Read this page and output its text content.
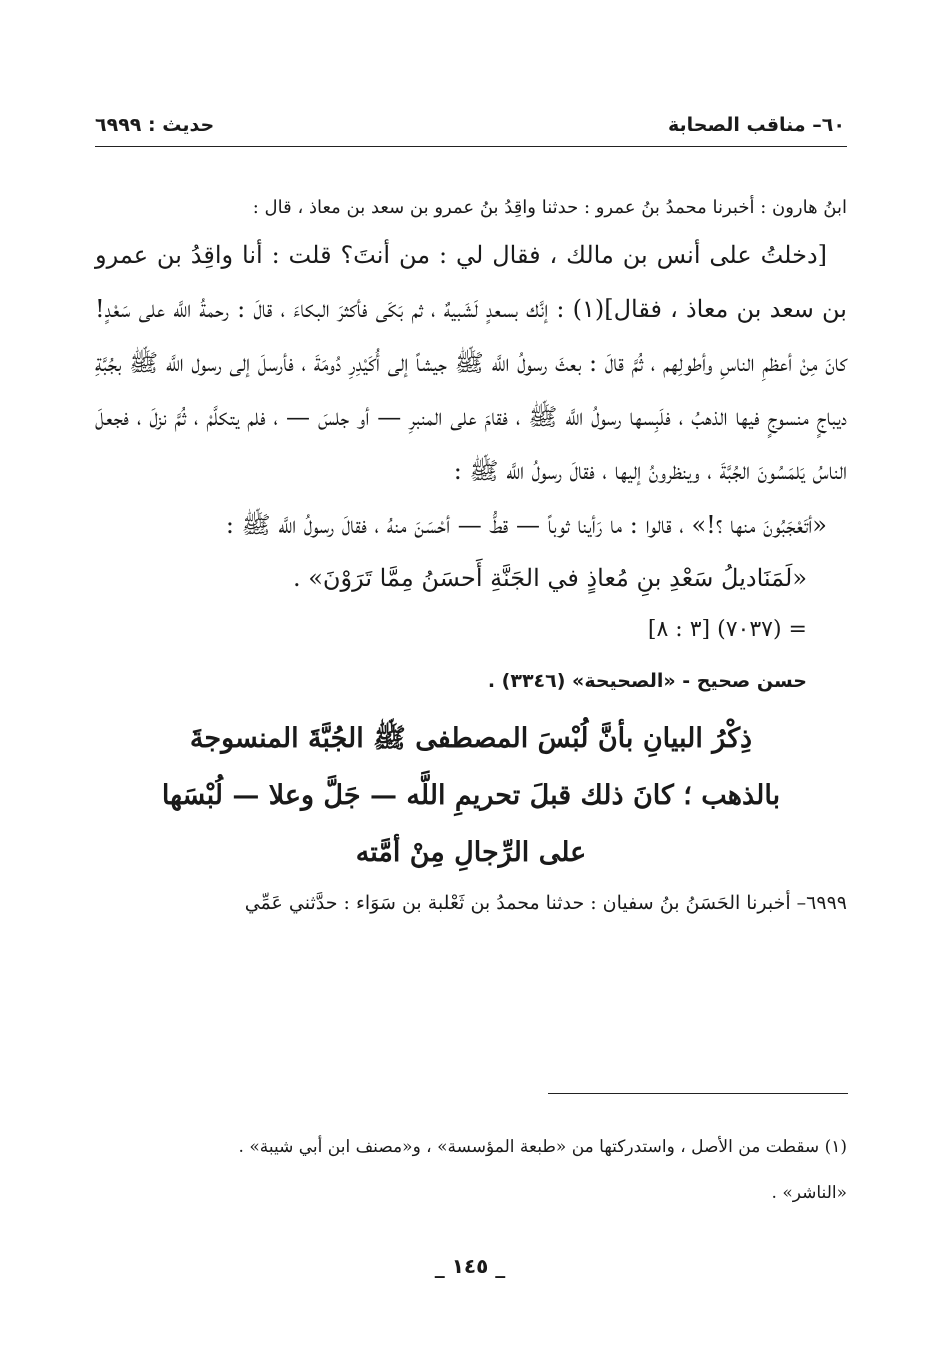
٦٠– مناقب الصحابة
حديث : ٦٩٩٩

ابنُ هارون : أخبرنا محمدُ بنُ عمرو : حدثنا واقِدُ بنُ عمرو بن سعد بن معاذ ، قال :

[دخلتُ على أنس بن مالك ، فقال لي : من أنتَ؟ قلت : أنا واقِدُ بن عمرو بن سعد بن معاذ ، فقال](١) : إنَّك بسعدٍ لَشَبيهٌ ، ثم بَكَى فأكثرَ البكاءَ ، قالَ : رحمةُ اللَّه على سَعْدٍ! كانَ مِنْ أعظمِ الناسِ وأطولِهم ، ثُمَّ قالَ : بعثَ رسولُ اللَّه ﷺ جيشاً إلى أُكَيْدِرِ دُومَةَ ، فأرسلَ إلى رسول اللَّه ﷺ بجُبَّةِ ديباجٍ منسوجٍ فيها الذهبُ ، فلَبِسها رسولُ اللَّه ﷺ ، فقامَ على المنبرِ — أو جلسَ — ، فلم يتكلَّمْ ، ثُمَّ نزلَ ، فجعلَ الناسُ يَلمَسُونَ الجُبَّةَ ، وينظرونُ إليها ، فقالَ رسولُ اللَّه ﷺ :

«أتَعْجَبُونَ منها ؟!» ، قالوا : ما رَأينا ثوباً — قطُّ — أحْسَنَ منهُ ، فقالَ رسولُ اللَّه ﷺ :

«لَمَنَاديلُ سَعْدِ بنِ مُعاذٍ في الجَنَّةِ أَحسَنُ مِمَّا تَرَوْنَ» .

= (٧٠٣٧) [٣ : ٨]

حسن صحيح - «الصحيحة» (٣٣٤٦) .

ذِكْرُ البيانِ بأنَّ لُبْسَ المصطفى ﷺ الجُبَّةَ المنسوجةَ
بالذهب ؛ كانَ ذلك قبلَ تحريمِ اللَّه — جَلَّ وعلا — لُبْسَها
على الرِّجالِ مِنْ أمَّته

٦٩٩٩– أخبرنا الحَسَنُ بنُ سفيان : حدثنا محمدُ بن ثَعْلبة بن سَوَاء : حدَّثني عَمِّي

(١) سقطت من الأصل ، واستدركتها من «طبعة المؤسسة» ، و«مصنف ابن أبي شيبة» .

«الناشر» .

_ ١٤٥ _
